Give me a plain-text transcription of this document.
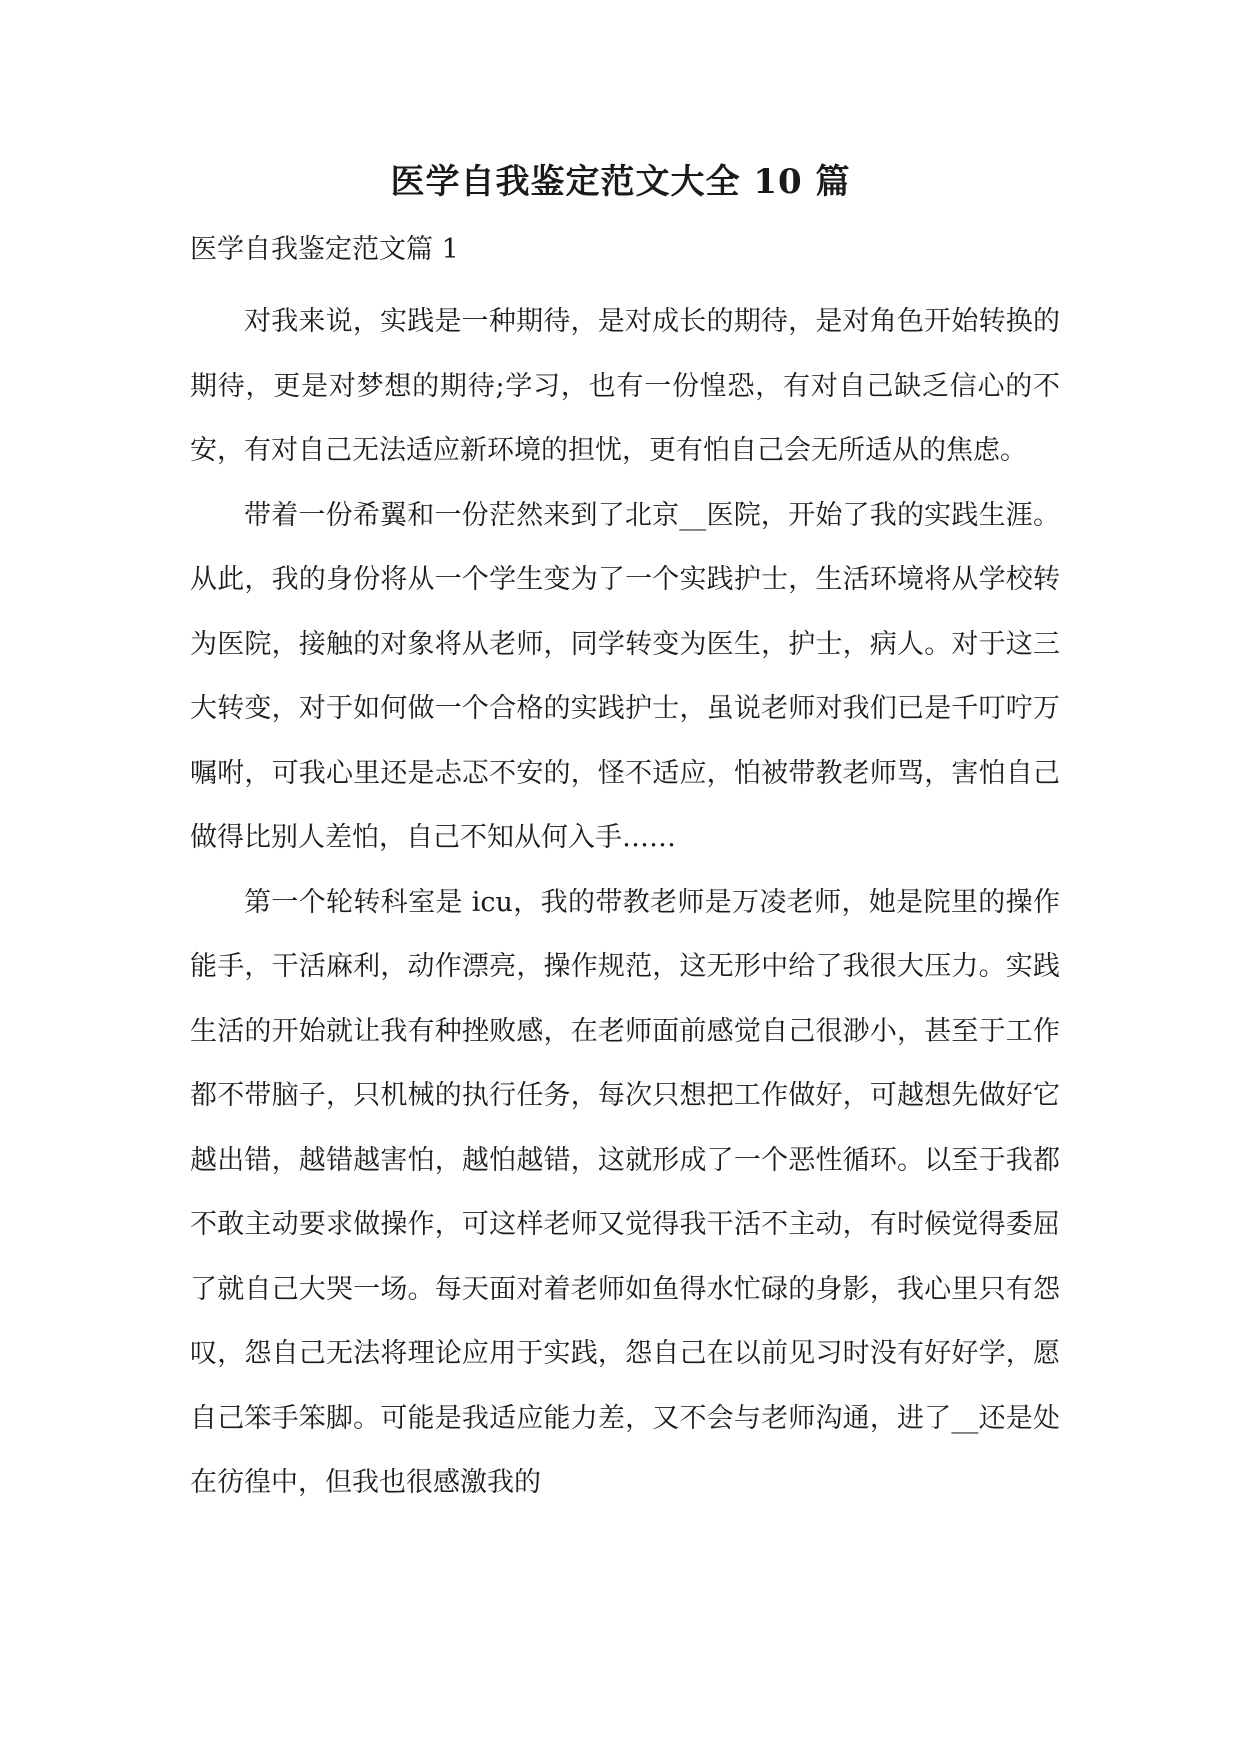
医学自我鉴定范文大全 10 篇
医学自我鉴定范文篇 1

对我来说，实践是一种期待，是对成长的期待，是对角色开始转换的期待，更是对梦想的期待;学习，也有一份惶恐，有对自己缺乏信心的不安，有对自己无法适应新环境的担忧，更有怕自己会无所适从的焦虑。

带着一份希翼和一份茫然来到了北京__医院，开始了我的实践生涯。从此，我的身份将从一个学生变为了一个实践护士，生活环境将从学校转为医院，接触的对象将从老师，同学转变为医生，护士，病人。对于这三大转变，对于如何做一个合格的实践护士，虽说老师对我们已是千叮咛万嘱咐，可我心里还是忐忑不安的，怪不适应，怕被带教老师骂，害怕自己做得比别人差怕，自己不知从何入手……

第一个轮转科室是 icu，我的带教老师是万凌老师，她是院里的操作能手，干活麻利，动作漂亮，操作规范，这无形中给了我很大压力。实践生活的开始就让我有种挫败感，在老师面前感觉自己很渺小，甚至于工作都不带脑子，只机械的执行任务，每次只想把工作做好，可越想先做好它越出错，越错越害怕，越怕越错，这就形成了一个恶性循环。以至于我都不敢主动要求做操作，可这样老师又觉得我干活不主动，有时候觉得委屈了就自己大哭一场。每天面对着老师如鱼得水忙碌的身影，我心里只有怨叹，怨自己无法将理论应用于实践，怨自己在以前见习时没有好好学，愿自己笨手笨脚。可能是我适应能力差，又不会与老师沟通，进了__还是处在彷徨中，但我也很感激我的
